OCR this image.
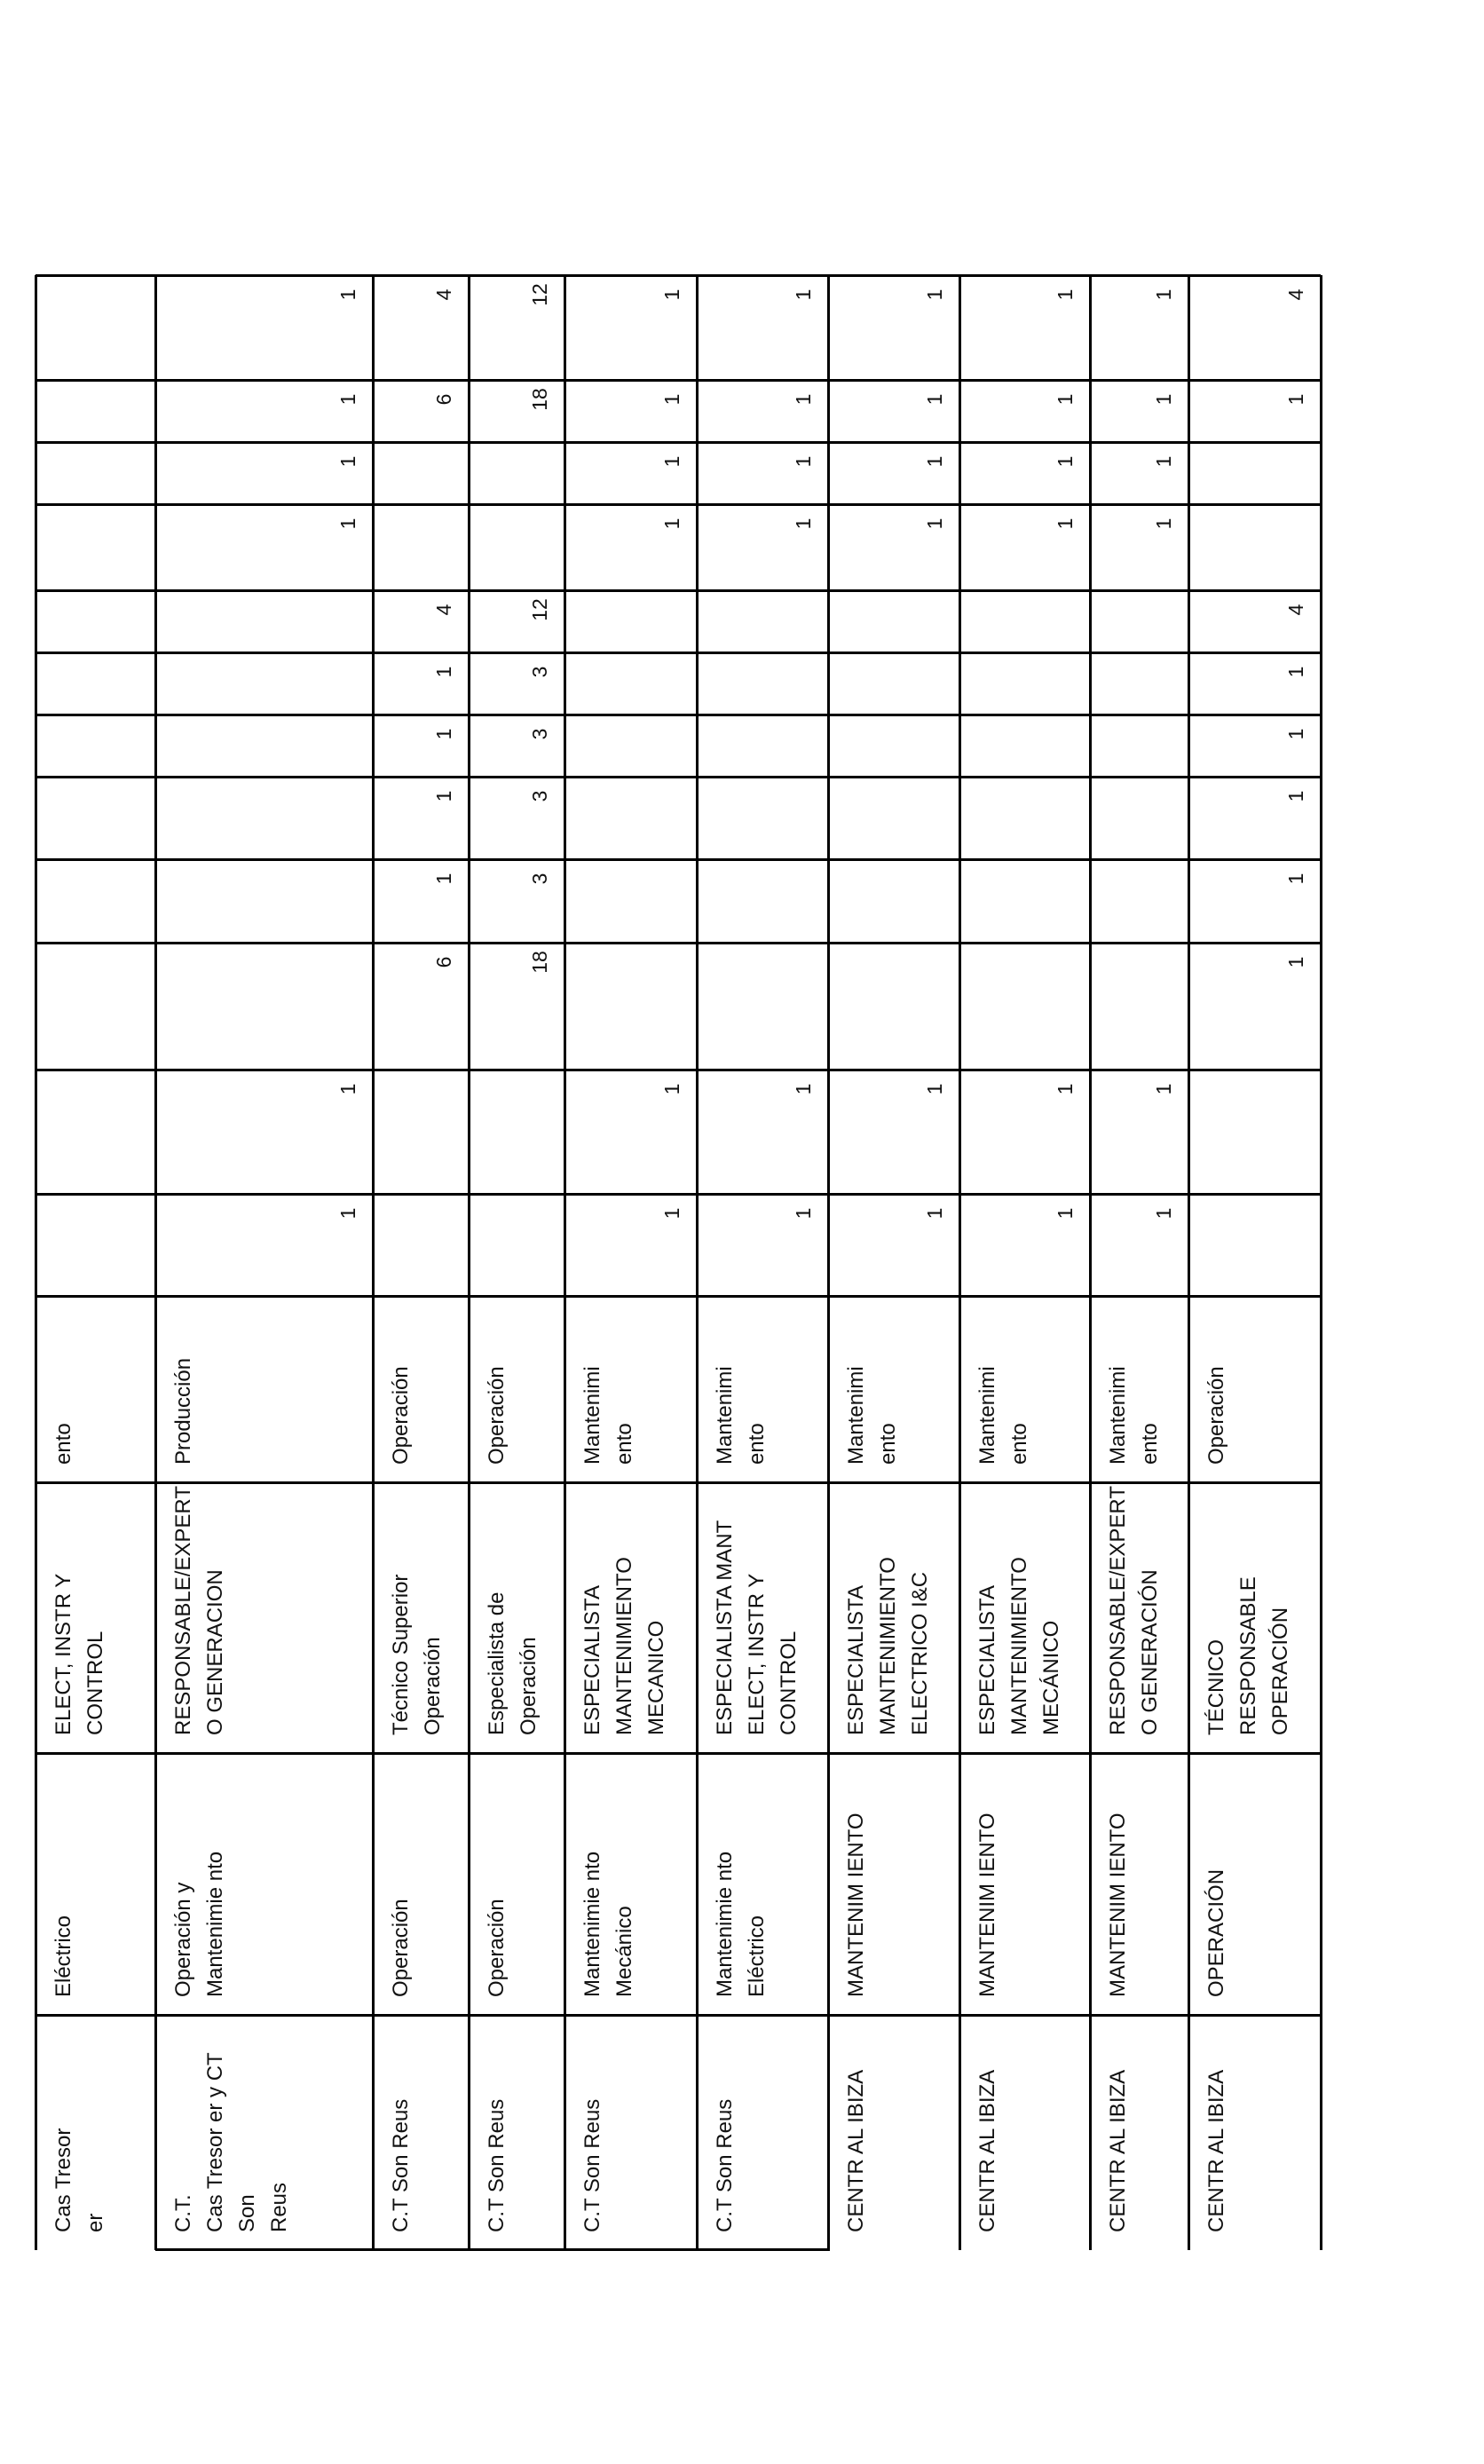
Cas Tresor er
Eléctrico
ELECT, INSTR Y CONTROL
ento
C.T. Cas Tresor er y CT Son Reus
Operación y Mantenimie nto
RESPONSABLE/EXPERT O GENERACION
Producción
1
1
1
1
1
1
C.T Son Reus
Operación
Técnico Superior Operación
Operación
6
1
1
1
1
4
6
4
C.T Son Reus
Operación
Especialista de Operación
Operación
18
3
3
3
3
12
18
12
C.T Son Reus
Mantenimie nto Mecánico
ESPECIALISTA MANTENIMIENTO MECANICO
Mantenimi ento
1
1
1
1
1
1
C.T Son Reus
Mantenimie nto Eléctrico
ESPECIALISTA MANT ELECT, INSTR Y CONTROL
Mantenimi ento
1
1
1
1
1
1
CENTR AL IBIZA
MANTENIM IENTO
ESPECIALISTA MANTENIMIENTO ELECTRICO I&C
Mantenimi ento
1
1
1
1
1
1
CENTR AL IBIZA
MANTENIM IENTO
ESPECIALISTA MANTENIMIENTO MECÁNICO
Mantenimi ento
1
1
1
1
1
1
CENTR AL IBIZA
MANTENIM IENTO
RESPONSABLE/EXPERT O GENERACIÓN
Mantenimi ento
1
1
1
1
1
1
CENTR AL IBIZA
OPERACIÓN
TÉCNICO RESPONSABLE OPERACIÓN
Operación
1
1
1
1
1
4
1
4
